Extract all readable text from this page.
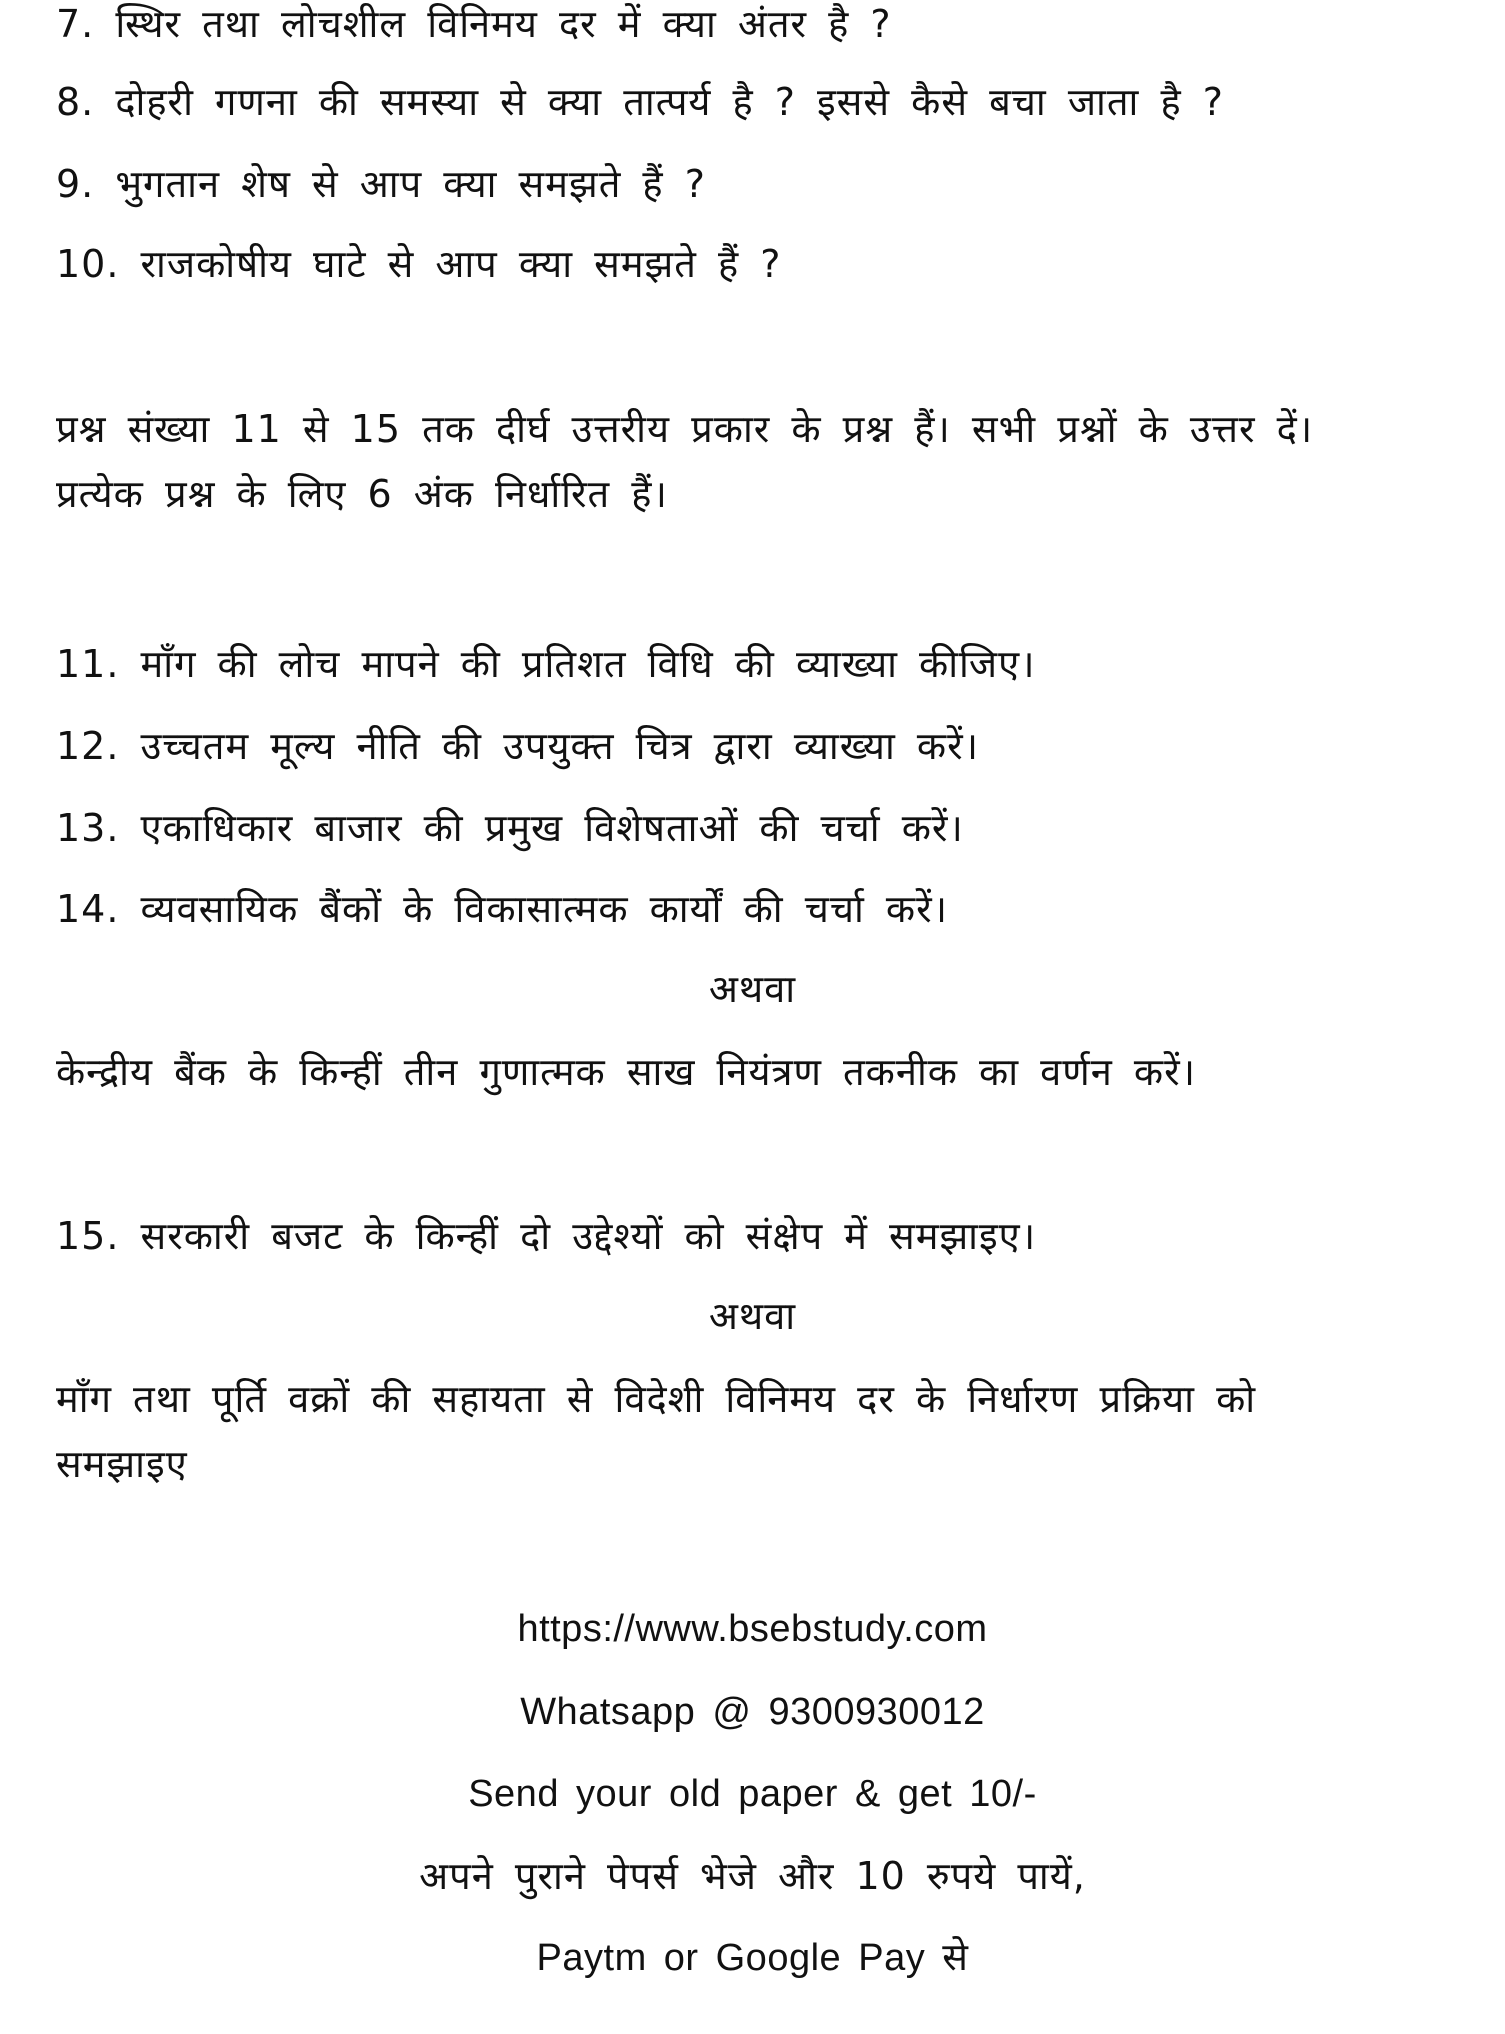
7. स्थिर तथा लोचशील विनिमय दर में क्या अंतर है ?
8. दोहरी गणना की समस्या से क्या तात्पर्य है ? इससे कैसे बचा जाता है ?
9. भुगतान शेष से आप क्या समझते हैं ?
10. राजकोषीय घाटे से आप क्या समझते हैं ?
प्रश्न संख्या 11 से 15 तक दीर्घ उत्तरीय प्रकार के प्रश्न हैं। सभी प्रश्नों के उत्तर दें।
प्रत्येक प्रश्न के लिए 6 अंक निर्धारित हैं।
11. माँग की लोच मापने की प्रतिशत विधि की व्याख्या कीजिए।
12. उच्चतम मूल्य नीति की उपयुक्त चित्र द्वारा व्याख्या करें।
13. एकाधिकार बाजार की प्रमुख विशेषताओं की चर्चा करें।
14. व्यवसायिक बैंकों के विकासात्मक कार्यों की चर्चा करें।
अथवा
केन्द्रीय बैंक के किन्हीं तीन गुणात्मक साख नियंत्रण तकनीक का वर्णन करें।
15. सरकारी बजट के किन्हीं दो उद्देश्यों को संक्षेप में समझाइए।
अथवा
माँग तथा पूर्ति वक्रों की सहायता से विदेशी विनिमय दर के निर्धारण प्रक्रिया को
समझाइए
https://www.bsebstudy.com
Whatsapp @ 9300930012
Send your old paper & get 10/-
अपने पुराने पेपर्स भेजे और 10 रुपये पायें,
Paytm or Google Pay से
